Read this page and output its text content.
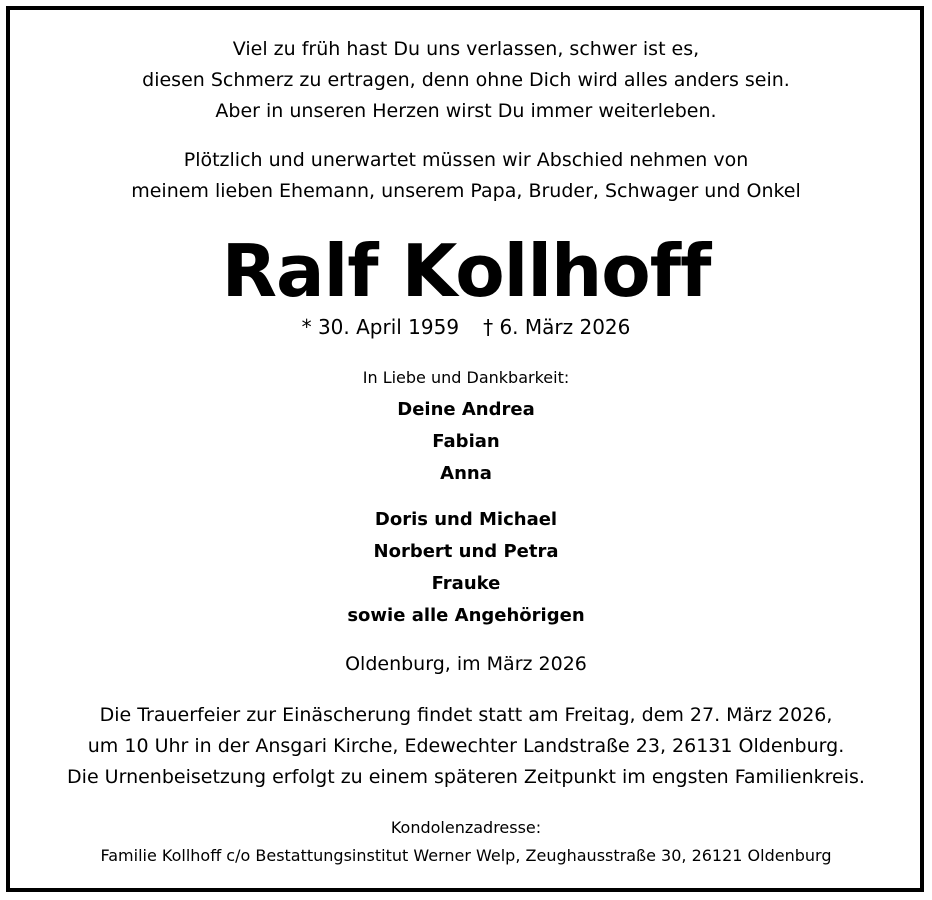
Viel zu früh hast Du uns verlassen, schwer ist es,
diesen Schmerz zu ertragen, denn ohne Dich wird alles anders sein.
Aber in unseren Herzen wirst Du immer weiterleben.
Plötzlich und unerwartet müssen wir Abschied nehmen von
meinem lieben Ehemann, unserem Papa, Bruder, Schwager und Onkel
Ralf Kollhoff
* 30. April 1959 † 6. März 2026
In Liebe und Dankbarkeit:
Deine Andrea
Fabian
Anna
Doris und Michael
Norbert und Petra
Frauke
sowie alle Angehörigen
Oldenburg, im März 2026
Die Trauerfeier zur Einäscherung findet statt am Freitag, dem 27. März 2026,
um 10 Uhr in der Ansgari Kirche, Edewechter Landstraße 23, 26131 Oldenburg.
Die Urnenbeisetzung erfolgt zu einem späteren Zeitpunkt im engsten Familienkreis.
Kondolenzadresse:
Familie Kollhoff c/o Bestattungsinstitut Werner Welp, Zeughausstraße 30, 26121 Oldenburg
